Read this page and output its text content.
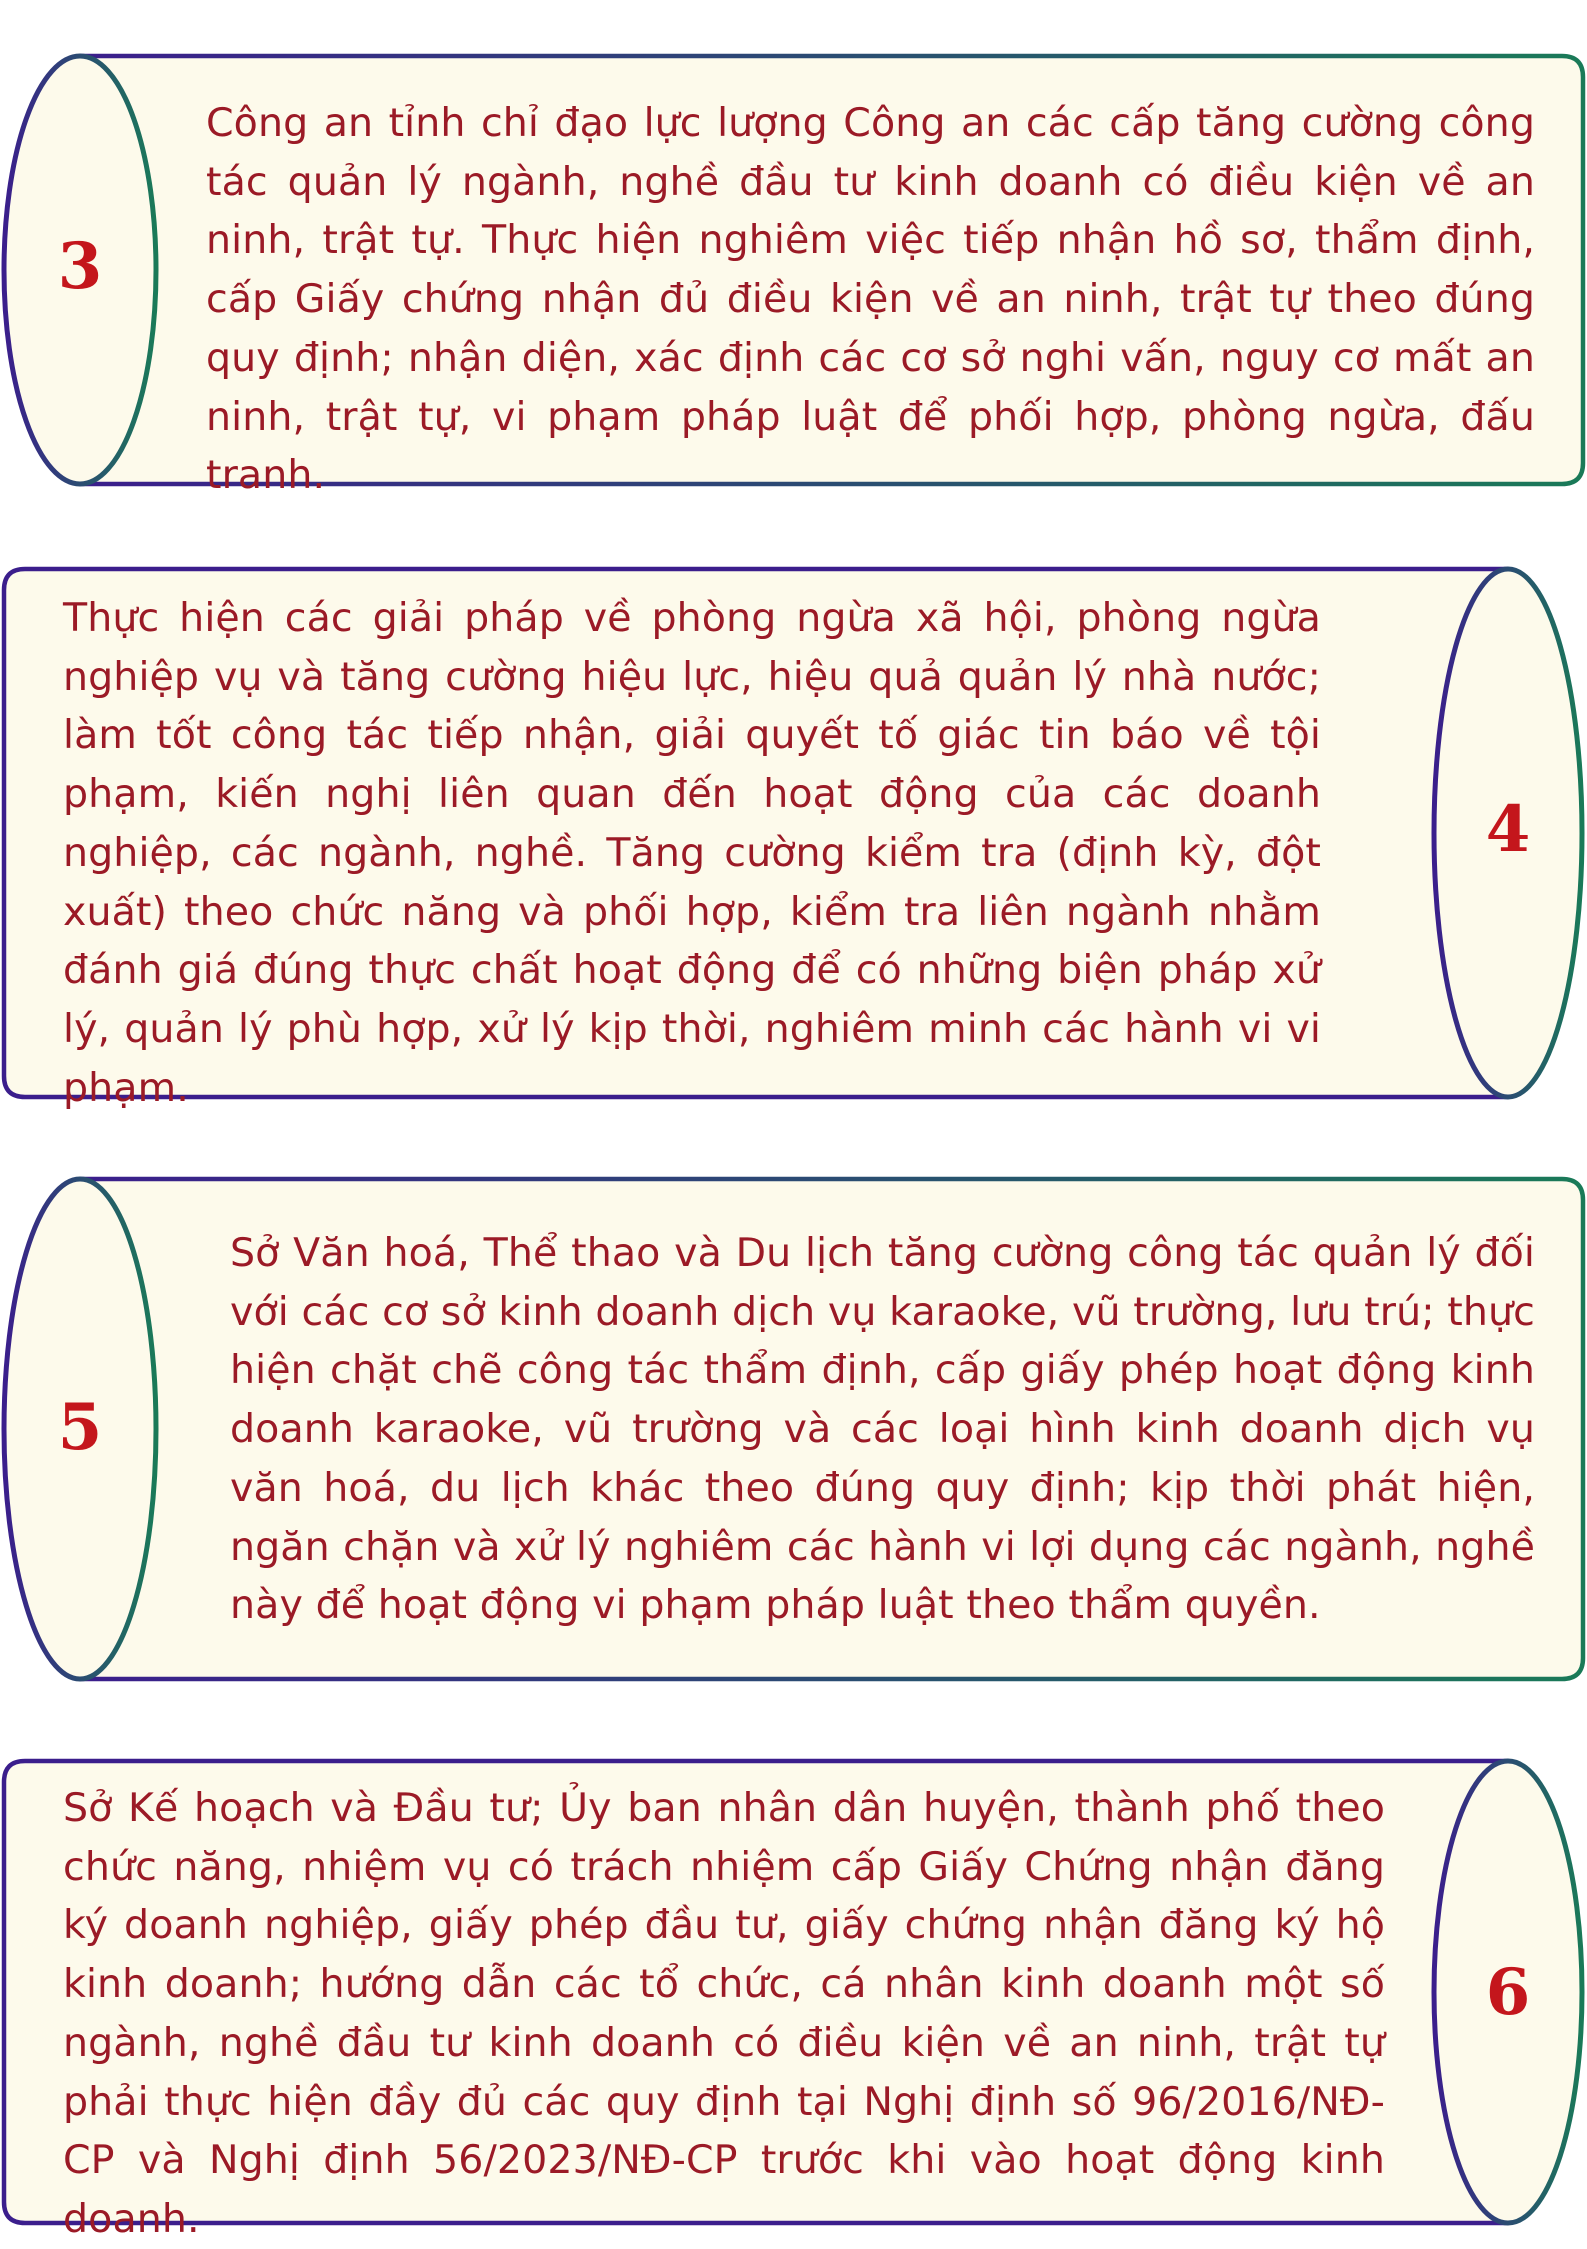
3

Công an tỉnh chỉ đạo lực lượng Công an các cấp tăng cường công tác quản lý ngành, nghề đầu tư kinh doanh có điều kiện về an ninh, trật tự. Thực hiện nghiêm việc tiếp nhận hồ sơ, thẩm định, cấp Giấy chứng nhận đủ điều kiện về an ninh, trật tự theo đúng quy định; nhận diện, xác định các cơ sở nghi vấn, nguy cơ mất an ninh, trật tự, vi phạm pháp luật để phối hợp, phòng ngừa, đấu tranh.

4

Thực hiện các giải pháp về phòng ngừa xã hội, phòng ngừa nghiệp vụ và tăng cường hiệu lực, hiệu quả quản lý nhà nước; làm tốt công tác tiếp nhận, giải quyết tố giác tin báo về tội phạm, kiến nghị liên quan đến hoạt động của các doanh nghiệp, các ngành, nghề. Tăng cường kiểm tra (định kỳ, đột xuất) theo chức năng và phối hợp, kiểm tra liên ngành nhằm đánh giá đúng thực chất hoạt động để có những biện pháp xử lý, quản lý phù hợp, xử lý kịp thời, nghiêm minh các hành vi vi phạm.

5

Sở Văn hoá, Thể thao và Du lịch tăng cường công tác quản lý đối với các cơ sở kinh doanh dịch vụ karaoke, vũ trường, lưu trú; thực hiện chặt chẽ công tác thẩm định, cấp giấy phép hoạt động kinh doanh karaoke, vũ trường và các loại hình kinh doanh dịch vụ văn hoá, du lịch khác theo đúng quy định; kịp thời phát hiện, ngăn chặn và xử lý nghiêm các hành vi lợi dụng các ngành, nghề này để hoạt động vi phạm pháp luật theo thẩm quyền.

6

Sở Kế hoạch và Đầu tư; Ủy ban nhân dân huyện, thành phố theo chức năng, nhiệm vụ có trách nhiệm cấp Giấy Chứng nhận đăng ký doanh nghiệp, giấy phép đầu tư, giấy chứng nhận đăng ký hộ kinh doanh; hướng dẫn các tổ chức, cá nhân kinh doanh một số ngành, nghề đầu tư kinh doanh có điều kiện về an ninh, trật tự phải thực hiện đầy đủ các quy định tại Nghị định số 96/2016/NĐ-CP và Nghị định 56/2023/NĐ-CP trước khi vào hoạt động kinh doanh.
